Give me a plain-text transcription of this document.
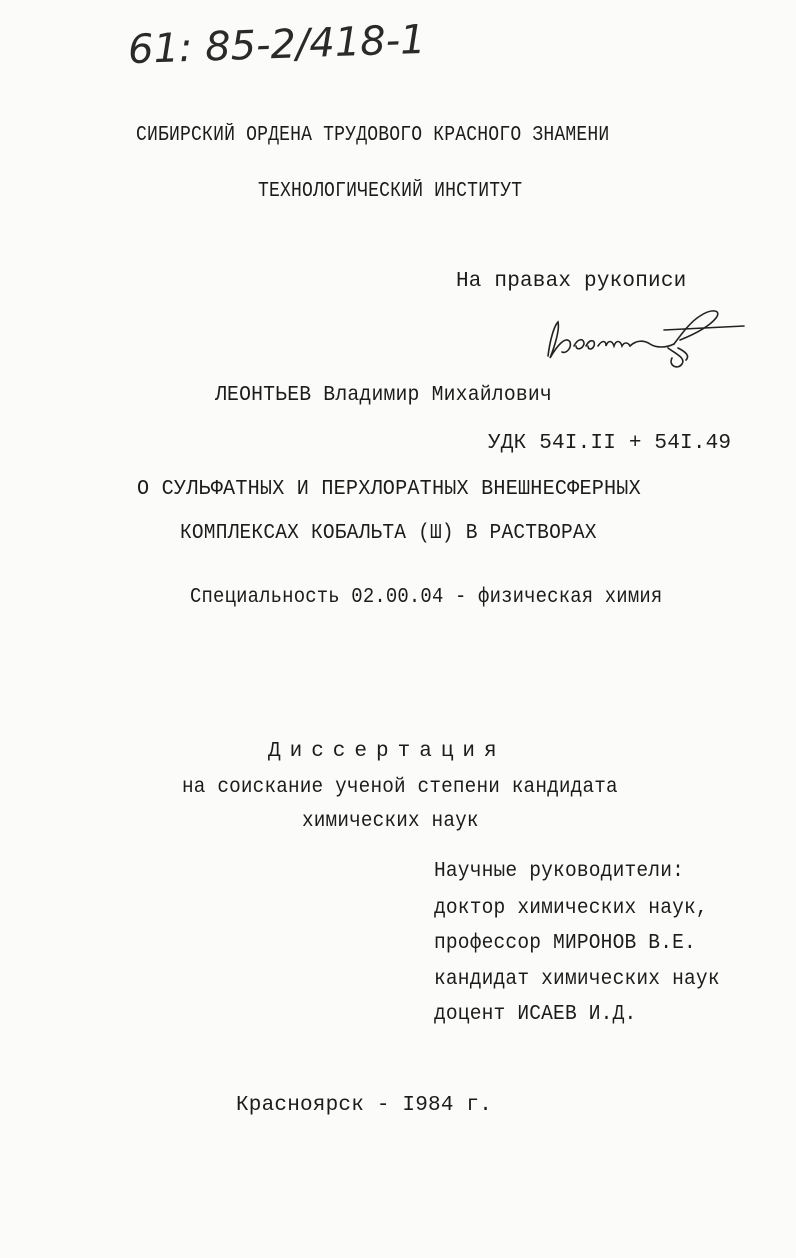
61: 85-2/418-1
СИБИРСКИЙ ОРДЕНА ТРУДОВОГО КРАСНОГО ЗНАМЕНИ
ТЕХНОЛОГИЧЕСКИЙ ИНСТИТУТ
На правах рукописи
ЛЕОНТЬЕВ Владимир Михайлович
УДК 54I.II + 54I.49
О СУЛЬФАТНЫХ И ПЕРХЛОРАТНЫХ ВНЕШНЕСФЕРНЫХ
КОМПЛЕКСАХ КОБАЛЬТА (Ш) В РАСТВОРАХ
Специальность 02.00.04 - физическая химия
Диссертация
на соискание ученой степени кандидата
химических наук
Научные руководители:
доктор химических наук,
профессор МИРОНОВ В.Е.
кандидат химических наук
доцент ИСАЕВ И.Д.
Красноярск - I984 г.
